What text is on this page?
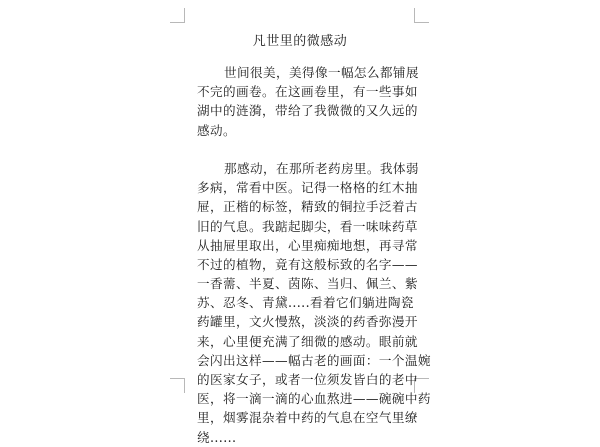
凡世里的微感动
世间很美，美得像一幅怎么都铺展
不完的画卷。在这画卷里，有一些事如
湖中的涟漪，带给了我微微的又久远的
感动。
那感动，在那所老药房里。我体弱
多病，常看中医。记得一格格的红木抽
屉，正楷的标签，精致的铜拉手泛着古
旧的气息。我踮起脚尖，看一味味药草
从抽屉里取出，心里痴痴地想，再寻常
不过的植物，竟有这般标致的名字——
一香薷、半夏、茵陈、当归、佩兰、紫
苏、忍冬、青黛.....看着它们躺进陶瓷
药罐里，文火慢熬，淡淡的药香弥漫开
来，心里便充满了细微的感动。眼前就
会闪出这样——幅古老的画面：一个温婉
的医家女子，或者一位须发皆白的老中
医，将一滴一滴的心血熬进——碗碗中药
里，烟雾混杂着中药的气息在空气里缭
绕......
